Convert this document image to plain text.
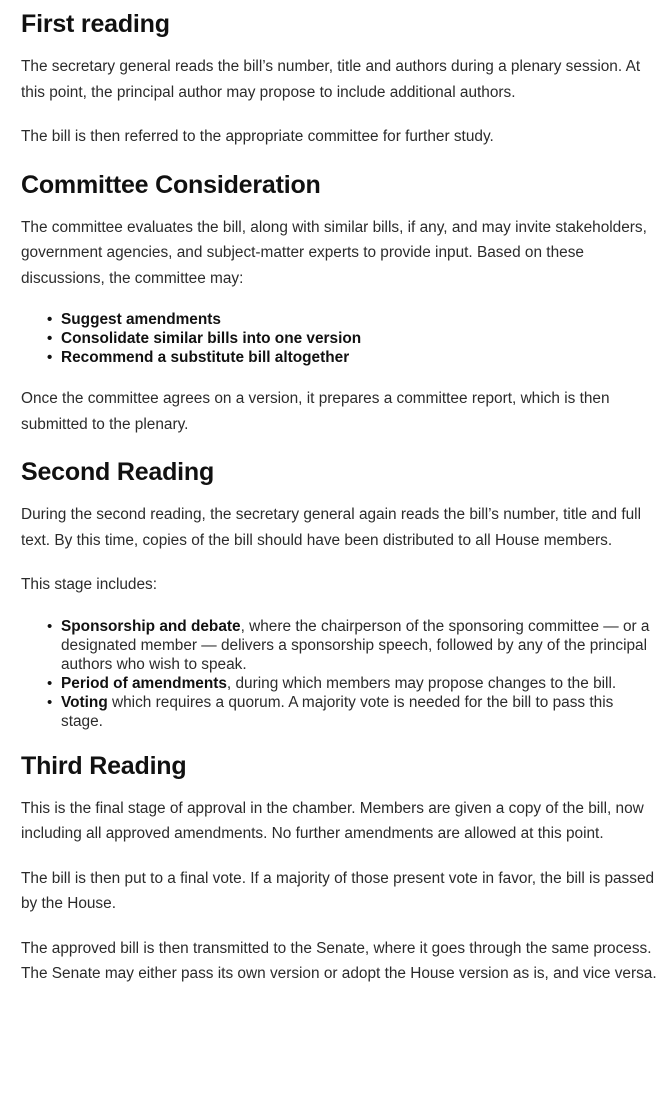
First reading

The secretary general reads the bill’s number, title and authors during a plenary session. At this point, the principal author may propose to include additional authors.

The bill is then referred to the appropriate committee for further study.

Committee Consideration

The committee evaluates the bill, along with similar bills, if any, and may invite stakeholders, government agencies, and subject-matter experts to provide input. Based on these discussions, the committee may:

• Suggest amendments
• Consolidate similar bills into one version
• Recommend a substitute bill altogether

Once the committee agrees on a version, it prepares a committee report, which is then submitted to the plenary.

Second Reading

During the second reading, the secretary general again reads the bill’s number, title and full text. By this time, copies of the bill should have been distributed to all House members.

This stage includes:

• Sponsorship and debate, where the chairperson of the sponsoring committee — or a designated member — delivers a sponsorship speech, followed by any of the principal authors who wish to speak.
• Period of amendments, during which members may propose changes to the bill.
• Voting which requires a quorum. A majority vote is needed for the bill to pass this stage.
Third Reading

This is the final stage of approval in the chamber. Members are given a copy of the bill, now including all approved amendments. No further amendments are allowed at this point.

The bill is then put to a final vote. If a majority of those present vote in favor, the bill is passed by the House.

The approved bill is then transmitted to the Senate, where it goes through the same process. The Senate may either pass its own version or adopt the House version as is, and vice versa.
